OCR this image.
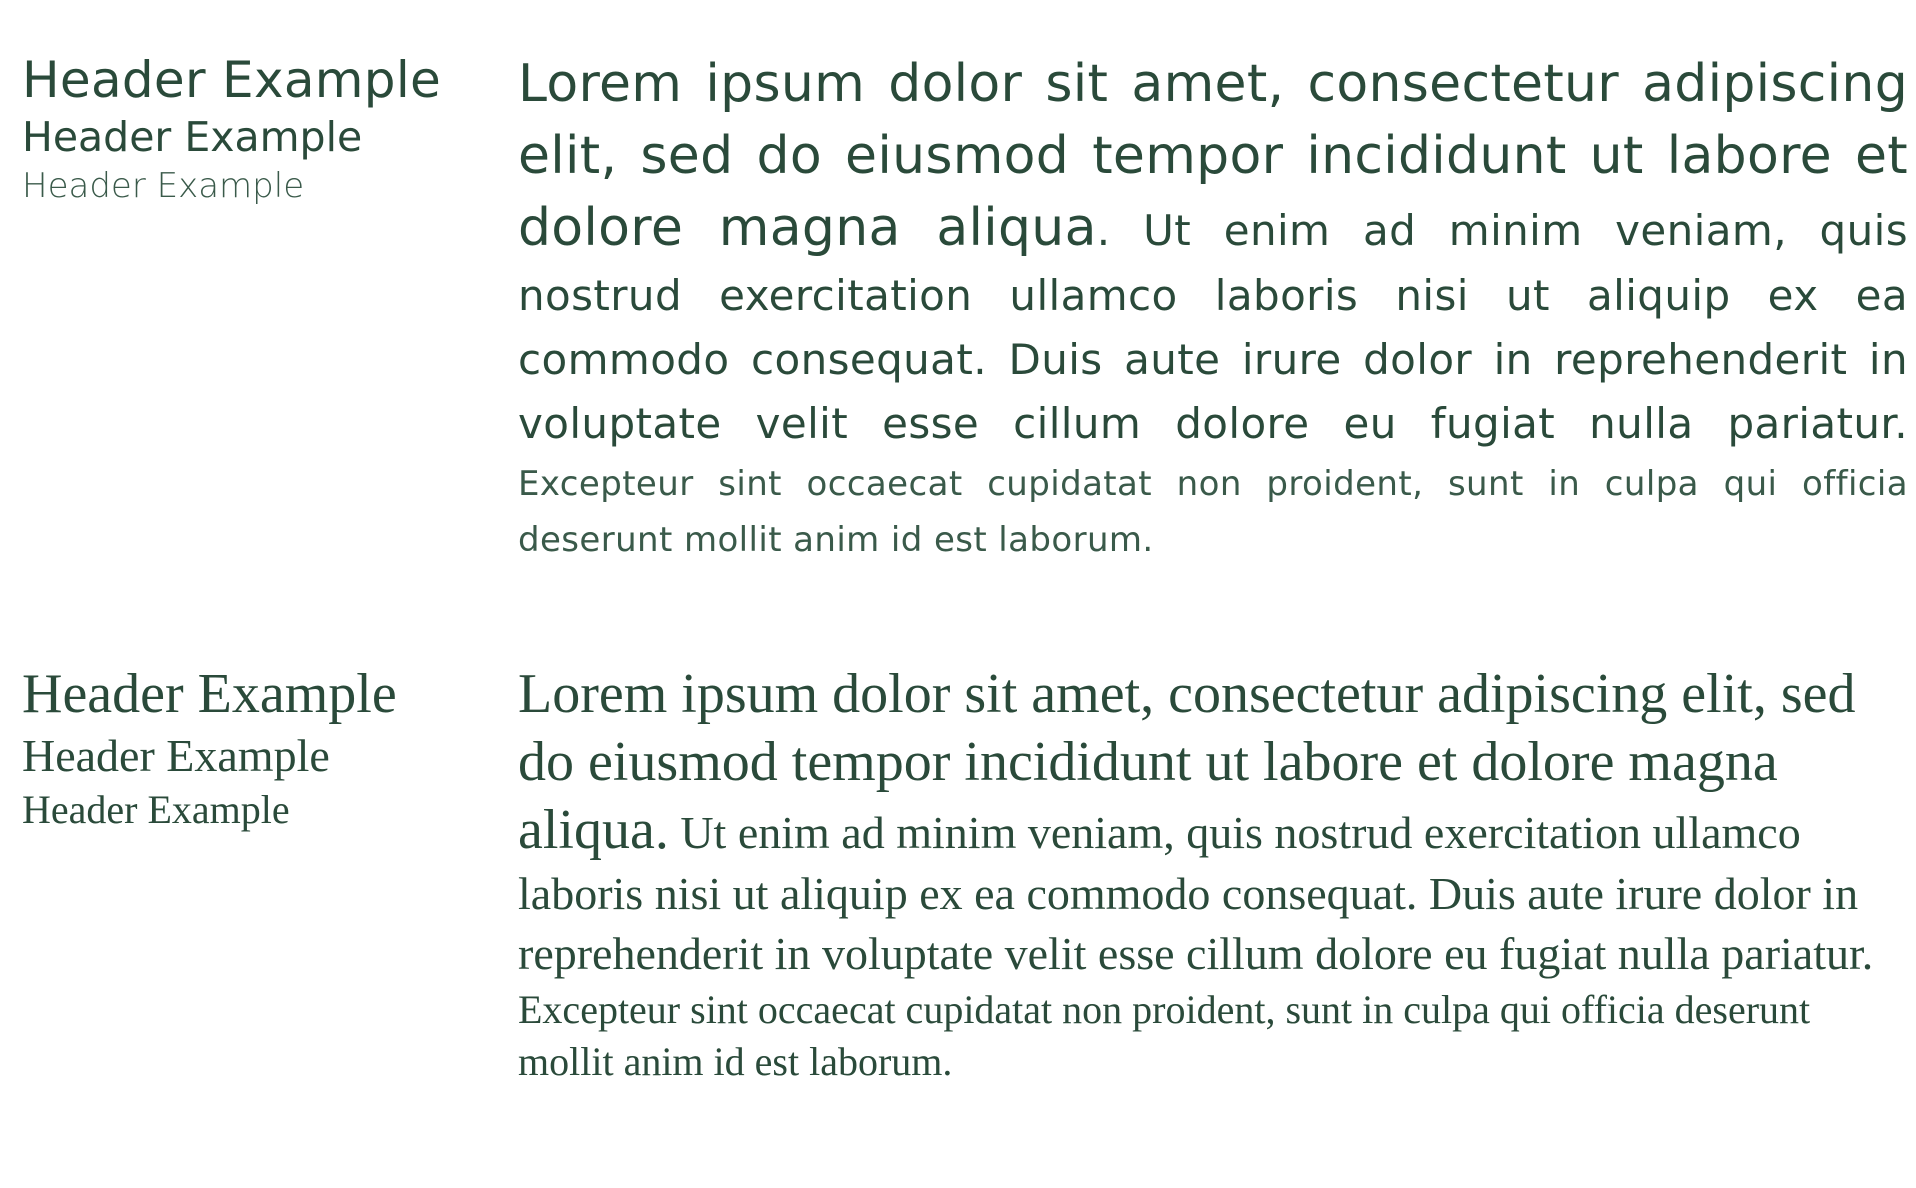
Header Example
Header Example
Header Example
Lorem ipsum dolor sit amet, consectetur adipiscing elit, sed do eiusmod tempor incididunt ut labore et dolore magna aliqua. Ut enim ad minim veniam, quis nostrud exercitation ullamco laboris nisi ut aliquip ex ea commodo consequat. Duis aute irure dolor in reprehenderit in voluptate velit esse cillum dolore eu fugiat nulla pariatur. Excepteur sint occaecat cupidatat non proident, sunt in culpa qui officia deserunt mollit anim id est laborum.
Header Example
Header Example
Header Example
Lorem ipsum dolor sit amet, consectetur adipiscing elit, sed do eiusmod tempor incididunt ut labore et dolore magna aliqua. Ut enim ad minim veniam, quis nostrud exercitation ullamco laboris nisi ut aliquip ex ea commodo consequat. Duis aute irure dolor in reprehenderit in voluptate velit esse cillum dolore eu fugiat nulla pariatur. Excepteur sint occaecat cupidatat non proident, sunt in culpa qui officia deserunt mollit anim id est laborum.
